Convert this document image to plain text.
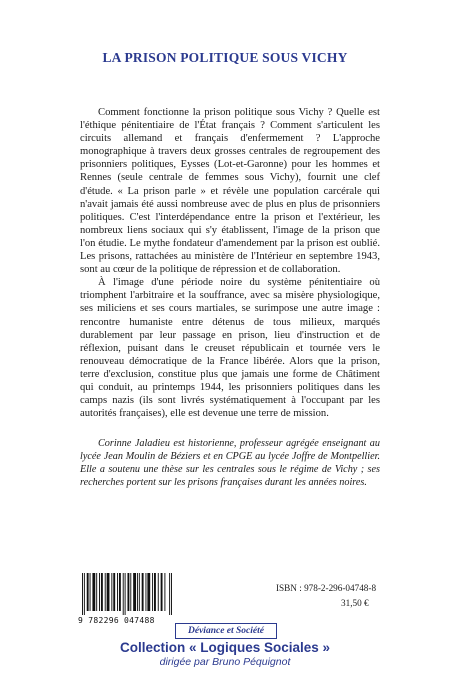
LA PRISON POLITIQUE SOUS VICHY

Comment fonctionne la prison politique sous Vichy ? Quelle est l'éthique pénitentiaire de l'État français ? Comment s'articulent les circuits allemand et français d'enfermement ? L'approche monographique à travers deux grosses centrales de regroupement des prisonniers politiques, Eysses (Lot-et-Garonne) pour les hommes et Rennes (seule centrale de femmes sous Vichy), fournit une clef d'étude. « La prison parle » et révèle une population carcérale qui n'avait jamais été aussi nombreuse avec de plus en plus de prisonniers politiques. C'est l'interdépendance entre la prison et l'extérieur, les nombreux liens sociaux qui s'y établissent, l'image de la prison que l'on étudie. Le mythe fondateur d'amendement par la prison est oublié. Les prisons, rattachées au ministère de l'Intérieur en septembre 1943, sont au cœur de la politique de répression et de collaboration.

À l'image d'une période noire du système pénitentiaire où triomphent l'arbitraire et la souffrance, avec sa misère physiologique, ses miliciens et ses cours martiales, se surimpose une autre image : rencontre humaniste entre détenus de tous milieux, marqués durablement par leur passage en prison, lieu d'instruction et de réflexion, puisant dans le creuset républicain et tournée vers le renouveau démocratique de la France libérée. Alors que la prison, terre d'exclusion, constitue plus que jamais une forme de Châtiment qui conduit, au printemps 1944, les prisonniers politiques dans les camps nazis (ils sont livrés systématiquement à l'occupant par les autorités françaises), elle est devenue une terre de mission.

Corinne Jaladieu est historienne, professeur agrégée enseignant au lycée Jean Moulin de Béziers et en CPGE au lycée Joffre de Montpellier. Elle a soutenu une thèse sur les centrales sous le régime de Vichy ; ses recherches portent sur les prisons françaises durant les années noires.
9 782296 047488
ISBN : 978-2-296-04748-8
31,50 €
Déviance et Société
Collection « Logiques Sociales »
dirigée par Bruno Péquignot
